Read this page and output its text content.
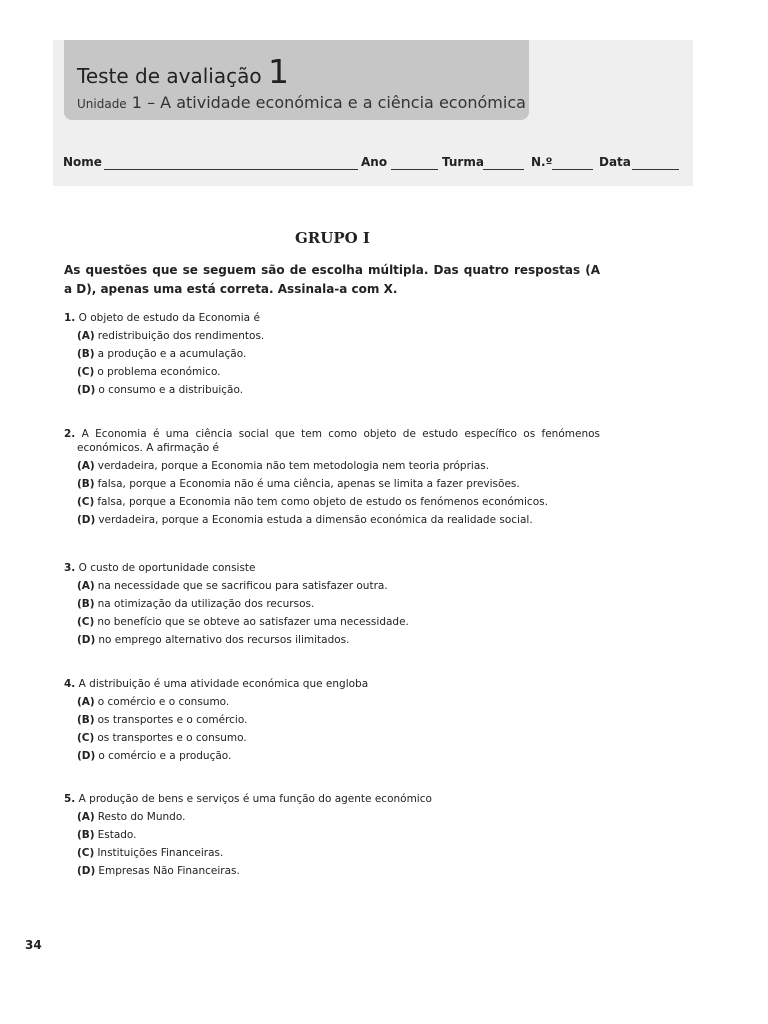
Teste de avaliação 1
Unidade 1 – A atividade económica e a ciência económica
Nome	Ano	Turma	N.º	Data
GRUPO I
As questões que se seguem são de escolha múltipla. Das quatro respostas (A a D), apenas uma está correta. Assinala-a com X.
1. O objeto de estudo da Economia é
(A) redistribuição dos rendimentos.
(B) a produção e a acumulação.
(C) o problema económico.
(D) o consumo e a distribuição.
2. A Economia é uma ciência social que tem como objeto de estudo específico os fenómenos económicos. A afirmação é
(A) verdadeira, porque a Economia não tem metodologia nem teoria próprias.
(B) falsa, porque a Economia não é uma ciência, apenas se limita a fazer previsões.
(C) falsa, porque a Economia não tem como objeto de estudo os fenómenos económicos.
(D) verdadeira, porque a Economia estuda a dimensão económica da realidade social.
3. O custo de oportunidade consiste
(A) na necessidade que se sacrificou para satisfazer outra.
(B) na otimização da utilização dos recursos.
(C) no benefício que se obteve ao satisfazer uma necessidade.
(D) no emprego alternativo dos recursos ilimitados.
4. A distribuição é uma atividade económica que engloba
(A) o comércio e o consumo.
(B) os transportes e o comércio.
(C) os transportes e o consumo.
(D) o comércio e a produção.
5. A produção de bens e serviços é uma função do agente económico
(A) Resto do Mundo.
(B) Estado.
(C) Instituições Financeiras.
(D) Empresas Não Financeiras.
34
